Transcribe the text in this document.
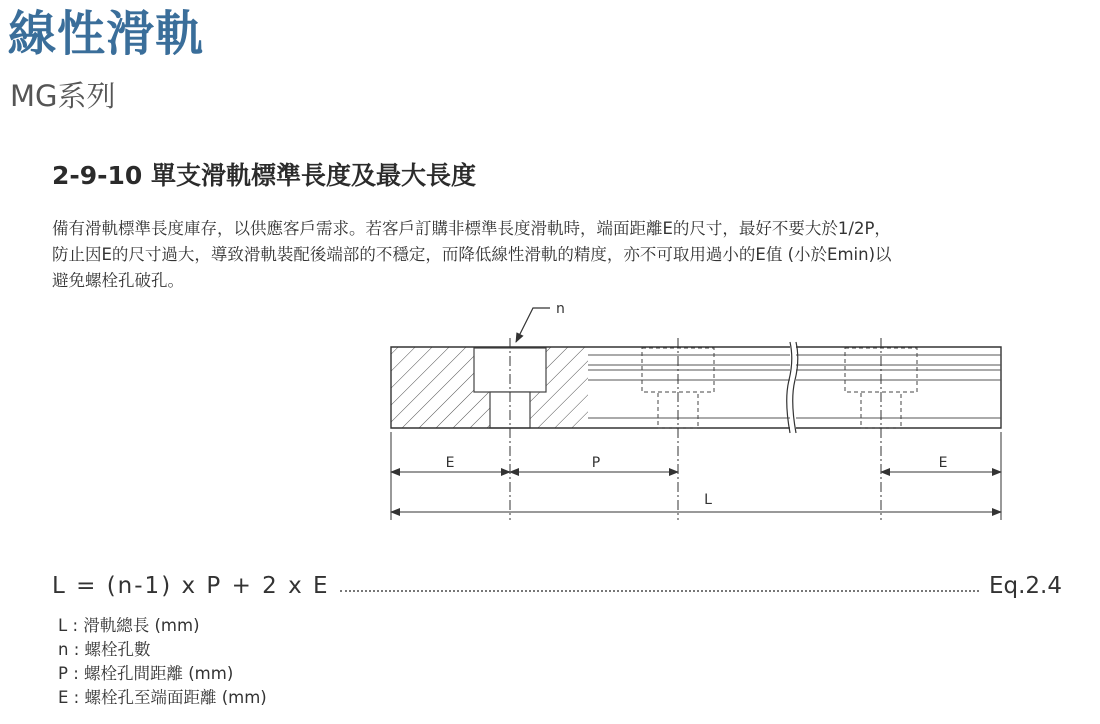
線性滑軌
MG系列
2-9-10 單支滑軌標準長度及最大長度

備有滑軌標準長度庫存，以供應客戶需求。若客戶訂購非標準長度滑軌時，端面距離E的尺寸，最好不要大於1/2P，

防止因E的尺寸過大，導致滑軌裝配後端部的不穩定，而降低線性滑軌的精度，亦不可取用過小的E值 (小於Emin)以

避免螺栓孔破孔。

n
E	P	E
L
L = (n-1) x P + 2 x E	Eq.2.4
L : 滑軌總長 (mm)
n : 螺栓孔數
P : 螺栓孔間距離 (mm)
E : 螺栓孔至端面距離 (mm)
